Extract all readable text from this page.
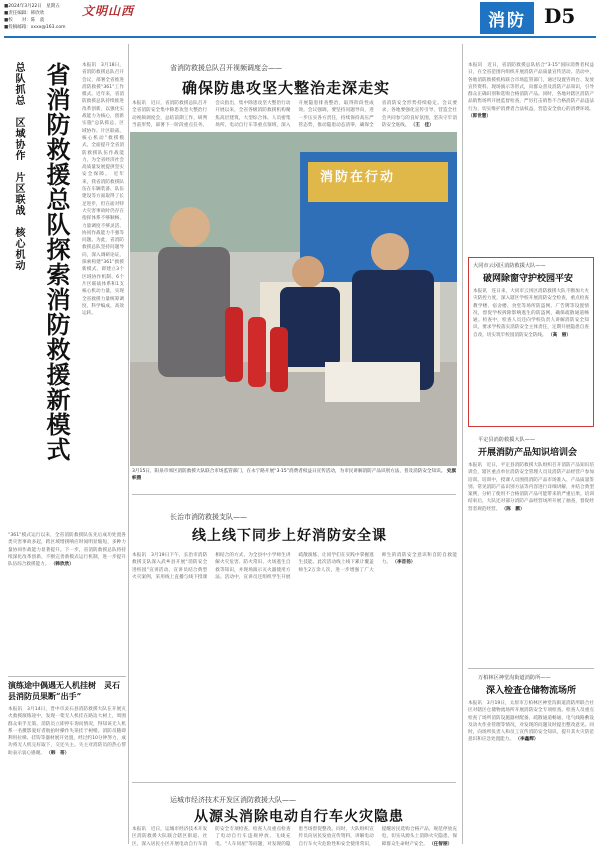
■2024年3月22日　星期五
■责任编辑：韩欣欣
■校　　对：陈　骁
■投稿邮箱：xxxx@163.com
文明山西	消防 D5
总队抓总　区域协作　片区联战　核心机动 省消防救援总队探索消防救援新模式 本报讯　3月18日，省消防救援总队召开会议，部署全省推进消防救援“361”工作模式。近年来，省消防救援总队持续推进改革创新，以强化实战能力为核心，创新实施“总队抓总、区域协作、片区联战、核心机动”救援模式，全面提升全省消防救援队伍作战能力，为全省经济社会高质量发展提供坚实安全保障。 近年来，我省消防救援队伍在车辆装备、队伍建设等方面取得了长足进步，但在面对特大灾害事故时仍存在指挥体系不够顺畅、力量调度不够灵活、协同作战能力不强等问题。为此，省消防救援总队坚持问题导向，深入调研论证，探索构建“361”救援新模式，即建立3个区域协作机制、6个片区联战体系和1支核心机动力量，实现全省救援力量统筹调度、科学编成、高效运转。
“361”模式运行以来，全省消防救援队伍先后成功处置各类灾害事故多起，跨区域增援响应时间明显缩短，多种力量协同作战能力显著提升。下一步，省消防救援总队将持续深化改革创新，不断完善新模式运行机制，进一步提升队伍综合救援能力。 （韩欣欣）
演练途中偶遇无人机挂树　灵石县消防员果断“出手”
本报讯　3月14日，晋中市灵石县消防救援大队在开展灭火救援演练途中，发现一架无人机挂在路边大树上，周围群众束手无策。消防员立即停车询问情况，得知该无人机系一名摄影爱好者航拍时操作失误挂于树梢。消防员随即利用拉梯、挂钩等器材展开处置，经过约10分钟努力，成功将无人机完好取下，交还失主。失主对消防员的热心帮助表示衷心感谢。 （韩　哥）
省消防救援总队召开视频调度会——
确保防患攻坚大整治走深走实
本报讯　近日，省消防救援总队召开全省消防安全集中除患攻坚大整治行动视频调度会，总结前期工作，研判当前形势，部署下一阶段重点任务。会议指出，集中除患攻坚大整治行动开展以来，全省各级消防救援机构聚焦高层建筑、大型综合体、人员密集场所、电动自行车等重点领域，深入开展隐患排查整治，取得阶段性成效。会议强调，要坚持问题导向，进一步压实各方责任，持续保持高压严管态势，推动隐患动态清零，确保全省消防安全形势持续稳定。会议要求，各地要强化宣传引导，营造全社会共同参与的良好氛围，坚决守牢消防安全底线。 （王　佳）
消防在行动
3月15日，阳泉市郊区消防救援大队联合市场监管部门，在永宁路开展“3·15”消费者权益日宣传活动，为市民讲解消防产品识别方法，普及消防安全知识。 史旗帜摄
长治市消防救援支队——
线上线下同步上好消防安全课
本报讯　3月19日下午，长治市消防救援支队深入武乡县开展“消防安全进校园”宣讲活动。宣讲员结合典型火灾案例，采用线上直播与线下授课相结合的方式，为全县中小学师生讲解火灾危害、防火常识、火场逃生自救等知识，并现场演示灭火器使用方法。活动中，宣讲员还组织学生开展疏散演练，让同学们在实践中掌握逃生技能。此次活动线上线下累计覆盖师生2万余人次，进一步增强了广大师生的消防安全意识和自防自救能力。 （李首扬）
运城市经济技术开发区消防救援大队——
从源头消除电动自行车火灾隐患
本报讯　近日，运城市经济技术开发区消防救援大队联合辖区街道、社区，深入居民小区开展电动自行车消防安全专项检查。检查人员重点检查了电动自行车违规停放、飞线充电、“人车同屋”等问题，对发现的隐患当场督促整改。同时，大队组织宣传员向居民发放宣传资料，讲解电动自行车火灾危险性和安全使用常识，提醒居民选购合格产品，规范停放充电，切实从源头上消除火灾隐患，保障群众生命财产安全。 （任智丽）
本报讯　近日，省消防救援总队结合“3·15”国际消费者权益日，在全省范围内组织开展消防产品质量宣传活动。活动中，各地消防救援机构联合市场监管部门，通过设置咨询台、发放宣传资料、现场演示等形式，向群众普及消防产品知识，引导群众正确识别和选购合格消防产品。同时，各地对辖区消防产品销售场所开展监督检查，严厉打击销售不合格消防产品违法行为，切实维护消费者合法权益，营造安全放心的消费环境。 （郭世慧）
大同市云冈区消防救援大队——
破网除窗守护校园平安
本报讯　连日来，大同市云冈区消防救援大队不断加大火灾防控力度，深入辖区学校开展消防安全检查，重点检查教学楼、宿舍楼、食堂等场所防盗网、广告牌等设置情况，督促学校拆除影响逃生的防盗网，确保疏散通道畅通。检查中，检查人员还向学校负责人讲解消防安全知识，要求学校落实消防安全主体责任，定期开展隐患自查自改，切实筑牢校园消防安全防线。 （高　丽）
平定县消防救援大队——
开展消防产品知识培训会
本报讯　近日，平定县消防救援大队组织召开消防产品知识培训会，辖区重点单位消防安全管理人员及消防产品经营户参加培训。培训中，授课人员围绕消防产品市场准入、产品质量鉴别、常见消防产品识别方法等内容进行详细讲解，并结合典型案例，分析了使用不合格消防产品可能带来的严重后果。培训结束后，大队还对部分消防产品经营场所开展了抽查，督促经营者规范经营。 （陈　鹏）
万柏林区神堂沟街道消防所——
深入检查仓储物流场所
本报讯　3月19日，太原市万柏林区神堂沟街道消防所联合社区对辖区仓储物流场所开展消防安全专项检查。检查人员重点检查了场所消防设施器材配备、疏散通道畅通、电气线路敷设及动火作业管理等情况，对发现的问题及时提出整改意见。同时，向场所负责人和员工宣传消防安全知识，提升其火灾防范意识和应急处置能力。 （李鑫辉）
